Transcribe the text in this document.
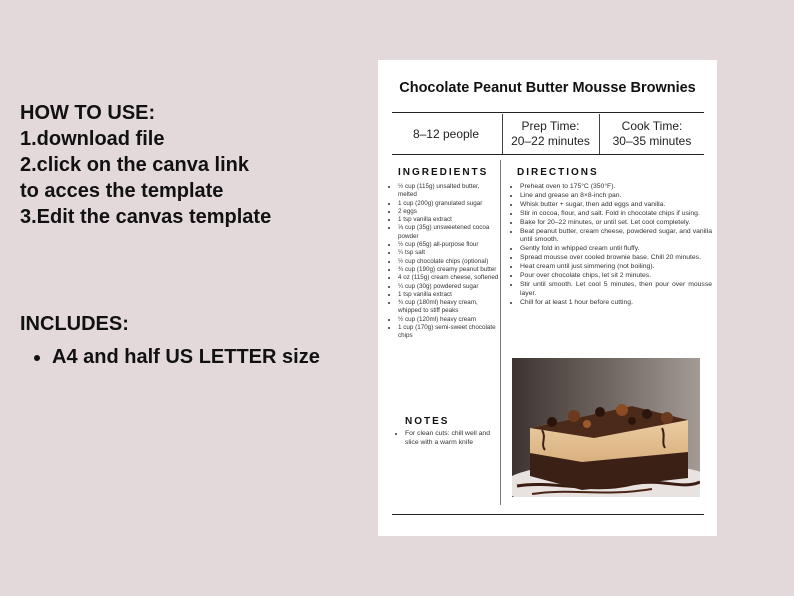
HOW TO USE:
1.download file
2.click on the canva link
to acces the template
3.Edit the canvas template
INCLUDES:
• A4 and half US LETTER size
Chocolate Peanut Butter Mousse Brownies
8–12 people
Prep Time:
20–22 minutes
Cook Time:
30–35 minutes
INGREDIENTS	DIRECTIONS
• ½ cup (115g) unsalted butter, melted
• 1 cup (200g) granulated sugar
• 2 eggs
• 1 tsp vanilla extract
• ⅓ cup (35g) unsweetened cocoa powder
• ½ cup (65g) all-purpose flour
• ¼ tsp salt
• ½ cup chocolate chips (optional)
• ¾ cup (190g) creamy peanut butter
• 4 oz (115g) cream cheese, softened
• ¼ cup (30g) powdered sugar
• 1 tsp vanilla extract
• ¾ cup (180ml) heavy cream, whipped to stiff peaks
• ½ cup (120ml) heavy cream
• 1 cup (170g) semi-sweet chocolate chips
• Preheat oven to 175°C (350°F).
• Line and grease an 8×8-inch pan.
• Whisk butter + sugar, then add eggs and vanilla.
• Stir in cocoa, flour, and salt. Fold in chocolate chips if using.
• Bake for 20–22 minutes, or until set. Let cool completely.
• Beat peanut butter, cream cheese, powdered sugar, and vanilla until smooth.
• Gently fold in whipped cream until fluffy.
• Spread mousse over cooled brownie base. Chill 20 minutes.
• Heat cream until just simmering (not boiling).
• Pour over chocolate chips, let sit 2 minutes.
• Stir until smooth. Let cool 5 minutes, then pour over mousse layer.
• Chill for at least 1 hour before cutting.
NOTES
• For clean cuts: chill well and slice with a warm knife
